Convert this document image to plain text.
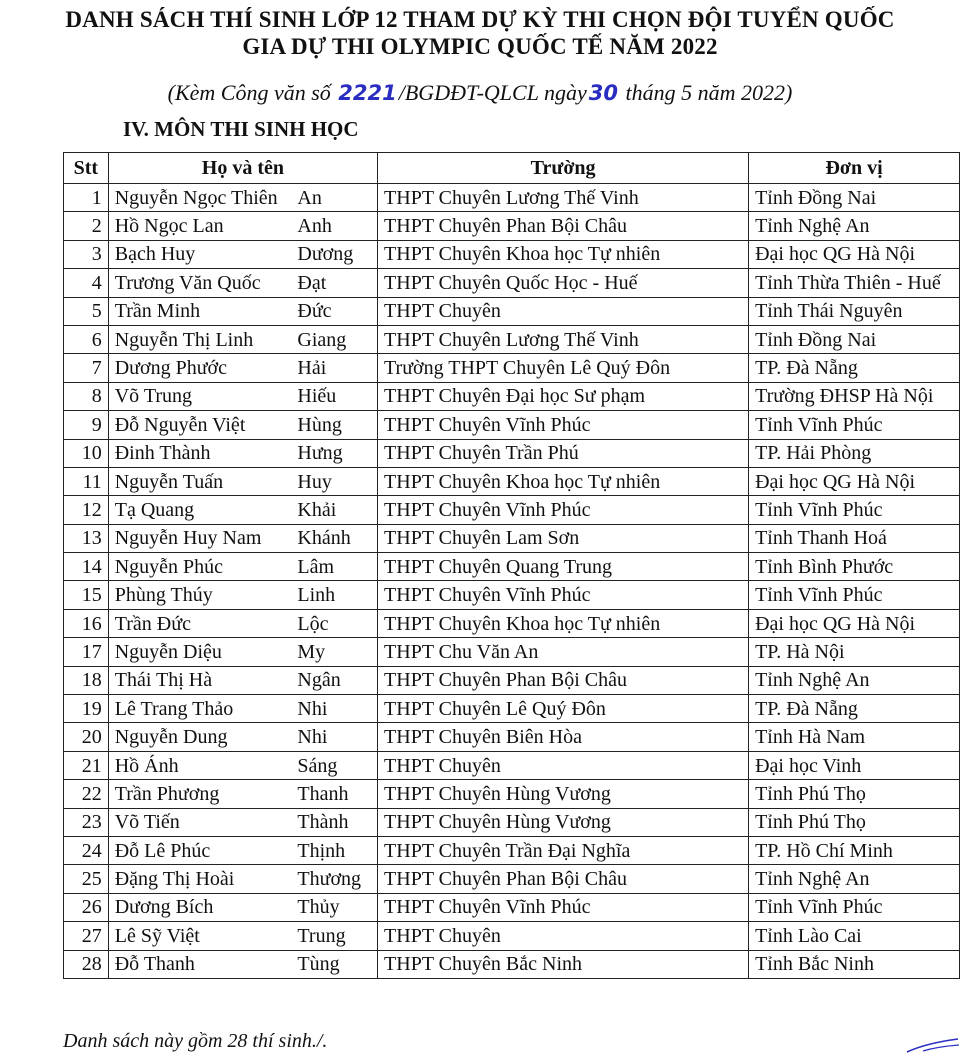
DANH SÁCH THÍ SINH LỚP 12 THAM DỰ KỲ THI CHỌN ĐỘI TUYỂN QUỐC
GIA DỰ THI OLYMPIC QUỐC TẾ NĂM 2022
(Kèm Công văn số 2221/BGDĐT-QLCL ngày30 tháng 5 năm 2022)
IV. MÔN THI SINH HỌC
Stt	Họ và tên		Trường	Đơn vị
1	Nguyễn Ngọc Thiên	An	THPT Chuyên Lương Thế Vinh	Tỉnh Đồng Nai
2	Hồ Ngọc Lan	Anh	THPT Chuyên Phan Bội Châu	Tỉnh Nghệ An
3	Bạch Huy	Dương	THPT Chuyên Khoa học Tự nhiên	Đại học QG Hà Nội
4	Trương Văn Quốc	Đạt	THPT Chuyên Quốc Học - Huế	Tỉnh Thừa Thiên - Huế
5	Trần Minh	Đức	THPT Chuyên	Tỉnh Thái Nguyên
6	Nguyễn Thị Linh	Giang	THPT Chuyên Lương Thế Vinh	Tỉnh Đồng Nai
7	Dương Phước	Hải	Trường THPT Chuyên Lê Quý Đôn	TP. Đà Nẵng
8	Võ Trung	Hiếu	THPT Chuyên Đại học Sư phạm	Trường ĐHSP Hà Nội
9	Đỗ Nguyễn Việt	Hùng	THPT Chuyên Vĩnh Phúc	Tỉnh Vĩnh Phúc
10	Đinh Thành	Hưng	THPT Chuyên Trần Phú	TP. Hải Phòng
11	Nguyễn Tuấn	Huy	THPT Chuyên Khoa học Tự nhiên	Đại học QG Hà Nội
12	Tạ Quang	Khải	THPT Chuyên Vĩnh Phúc	Tỉnh Vĩnh Phúc
13	Nguyễn Huy Nam	Khánh	THPT Chuyên Lam Sơn	Tỉnh Thanh Hoá
14	Nguyễn Phúc	Lâm	THPT Chuyên Quang Trung	Tỉnh Bình Phước
15	Phùng Thúy	Linh	THPT Chuyên Vĩnh Phúc	Tỉnh Vĩnh Phúc
16	Trần Đức	Lộc	THPT Chuyên Khoa học Tự nhiên	Đại học QG Hà Nội
17	Nguyễn Diệu	My	THPT Chu Văn An	TP. Hà Nội
18	Thái Thị Hà	Ngân	THPT Chuyên Phan Bội Châu	Tỉnh Nghệ An
19	Lê Trang Thảo	Nhi	THPT Chuyên Lê Quý Đôn	TP. Đà Nẵng
20	Nguyễn Dung	Nhi	THPT Chuyên Biên Hòa	Tỉnh Hà Nam
21	Hồ Ánh	Sáng	THPT Chuyên	Đại học Vinh
22	Trần Phương	Thanh	THPT Chuyên Hùng Vương	Tỉnh Phú Thọ
23	Võ Tiến	Thành	THPT Chuyên Hùng Vương	Tỉnh Phú Thọ
24	Đỗ Lê Phúc	Thịnh	THPT Chuyên Trần Đại Nghĩa	TP. Hồ Chí Minh
25	Đặng Thị Hoài	Thương	THPT Chuyên Phan Bội Châu	Tỉnh Nghệ An
26	Dương Bích	Thủy	THPT Chuyên Vĩnh Phúc	Tỉnh Vĩnh Phúc
27	Lê Sỹ Việt	Trung	THPT Chuyên	Tỉnh Lào Cai
28	Đỗ Thanh	Tùng	THPT Chuyên Bắc Ninh	Tỉnh Bắc Ninh
Danh sách này gồm 28 thí sinh./.
